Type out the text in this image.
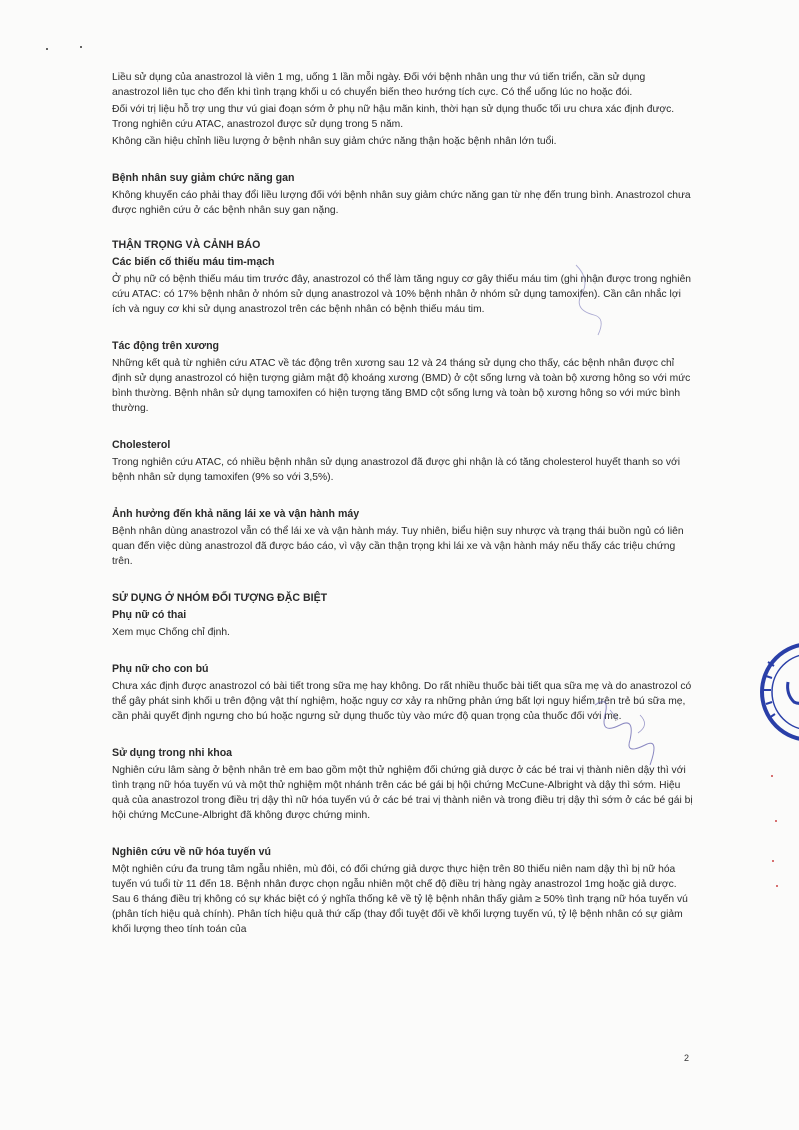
Liều sử dụng của anastrozol là viên 1 mg, uống 1 lần mỗi ngày. Đối với bệnh nhân ung thư vú tiến triển, cần sử dụng anastrozol liên tục cho đến khi tình trạng khối u có chuyển biến theo hướng tích cực. Có thể uống lúc no hoặc đói.

Đối với trị liệu hỗ trợ ung thư vú giai đoạn sớm ở phụ nữ hậu mãn kinh, thời hạn sử dụng thuốc tối ưu chưa xác định được. Trong nghiên cứu ATAC, anastrozol được sử dụng trong 5 năm.

Không cần hiệu chỉnh liều lượng ở bệnh nhân suy giảm chức năng thận hoặc bệnh nhân lớn tuổi.

Bệnh nhân suy giảm chức năng gan

Không khuyến cáo phải thay đổi liều lượng đối với bệnh nhân suy giảm chức năng gan từ nhẹ đến trung bình. Anastrozol chưa được nghiên cứu ở các bệnh nhân suy gan nặng.

THẬN TRỌNG VÀ CẢNH BÁO
Các biến cố thiếu máu tim-mạch

Ở phụ nữ có bệnh thiếu máu tim trước đây, anastrozol có thể làm tăng nguy cơ gây thiếu máu tim (ghi nhận được trong nghiên cứu ATAC: có 17% bệnh nhân ở nhóm sử dụng anastrozol và 10% bệnh nhân ở nhóm sử dụng tamoxifen). Cần cân nhắc lợi ích và nguy cơ khi sử dụng anastrozol trên các bệnh nhân có bệnh thiếu máu tim.

Tác động trên xương

Những kết quả từ nghiên cứu ATAC về tác động trên xương sau 12 và 24 tháng sử dụng cho thấy, các bệnh nhân được chỉ định sử dụng anastrozol có hiện tượng giảm mật độ khoáng xương (BMD) ở cột sống lưng và toàn bộ xương hông so với mức bình thường. Bệnh nhân sử dụng tamoxifen có hiện tượng tăng BMD cột sống lưng và toàn bộ xương hông so với mức bình thường.

Cholesterol

Trong nghiên cứu ATAC, có nhiều bệnh nhân sử dụng anastrozol đã được ghi nhận là có tăng cholesterol huyết thanh so với bệnh nhân sử dụng tamoxifen (9% so với 3,5%).

Ảnh hưởng đến khả năng lái xe và vận hành máy

Bệnh nhân dùng anastrozol vẫn có thể lái xe và vận hành máy. Tuy nhiên, biểu hiện suy nhược và trạng thái buồn ngủ có liên quan đến việc dùng anastrozol đã được báo cáo, vì vậy cần thận trọng khi lái xe và vận hành máy nếu thấy các triệu chứng trên.

SỬ DỤNG Ở NHÓM ĐỐI TƯỢNG ĐẶC BIỆT
Phụ nữ có thai

Xem mục Chống chỉ định.

Phụ nữ cho con bú

Chưa xác định được anastrozol có bài tiết trong sữa mẹ hay không. Do rất nhiều thuốc bài tiết qua sữa mẹ và do anastrozol có thể gây phát sinh khối u trên động vật thí nghiệm, hoặc nguy cơ xảy ra những phản ứng bất lợi nguy hiểm trên trẻ bú sữa mẹ, cần phải quyết định ngưng cho bú hoặc ngưng sử dụng thuốc tùy vào mức độ quan trọng của thuốc đối với mẹ.

Sử dụng trong nhi khoa

Nghiên cứu lâm sàng ở bệnh nhân trẻ em bao gồm một thử nghiệm đối chứng giả dược ở các bé trai vị thành niên dậy thì với tình trạng nữ hóa tuyến vú và một thử nghiệm một nhánh trên các bé gái bị hội chứng McCune-Albright và dậy thì sớm. Hiệu quả của anastrozol trong điều trị dậy thì nữ hóa tuyến vú ở các bé trai vị thành niên và trong điều trị dậy thì sớm ở các bé gái bị hội chứng McCune-Albright đã không được chứng minh.

Nghiên cứu về nữ hóa tuyến vú

Một nghiên cứu đa trung tâm ngẫu nhiên, mù đôi, có đối chứng giả dược thực hiện trên 80 thiếu niên nam dậy thì bị nữ hóa tuyến vú tuổi từ 11 đến 18. Bệnh nhân được chọn ngẫu nhiên một chế độ điều trị hàng ngày anastrozol 1mg hoặc giả dược. Sau 6 tháng điều trị không có sự khác biệt có ý nghĩa thống kê về tỷ lệ bệnh nhân thấy giảm ≥ 50% tình trạng nữ hóa tuyến vú (phân tích hiệu quả chính). Phân tích hiệu quả thứ cấp (thay đổi tuyệt đối về khối lượng tuyến vú, tỷ lệ bệnh nhân có sự giảm khối lượng theo tính toán của

2
